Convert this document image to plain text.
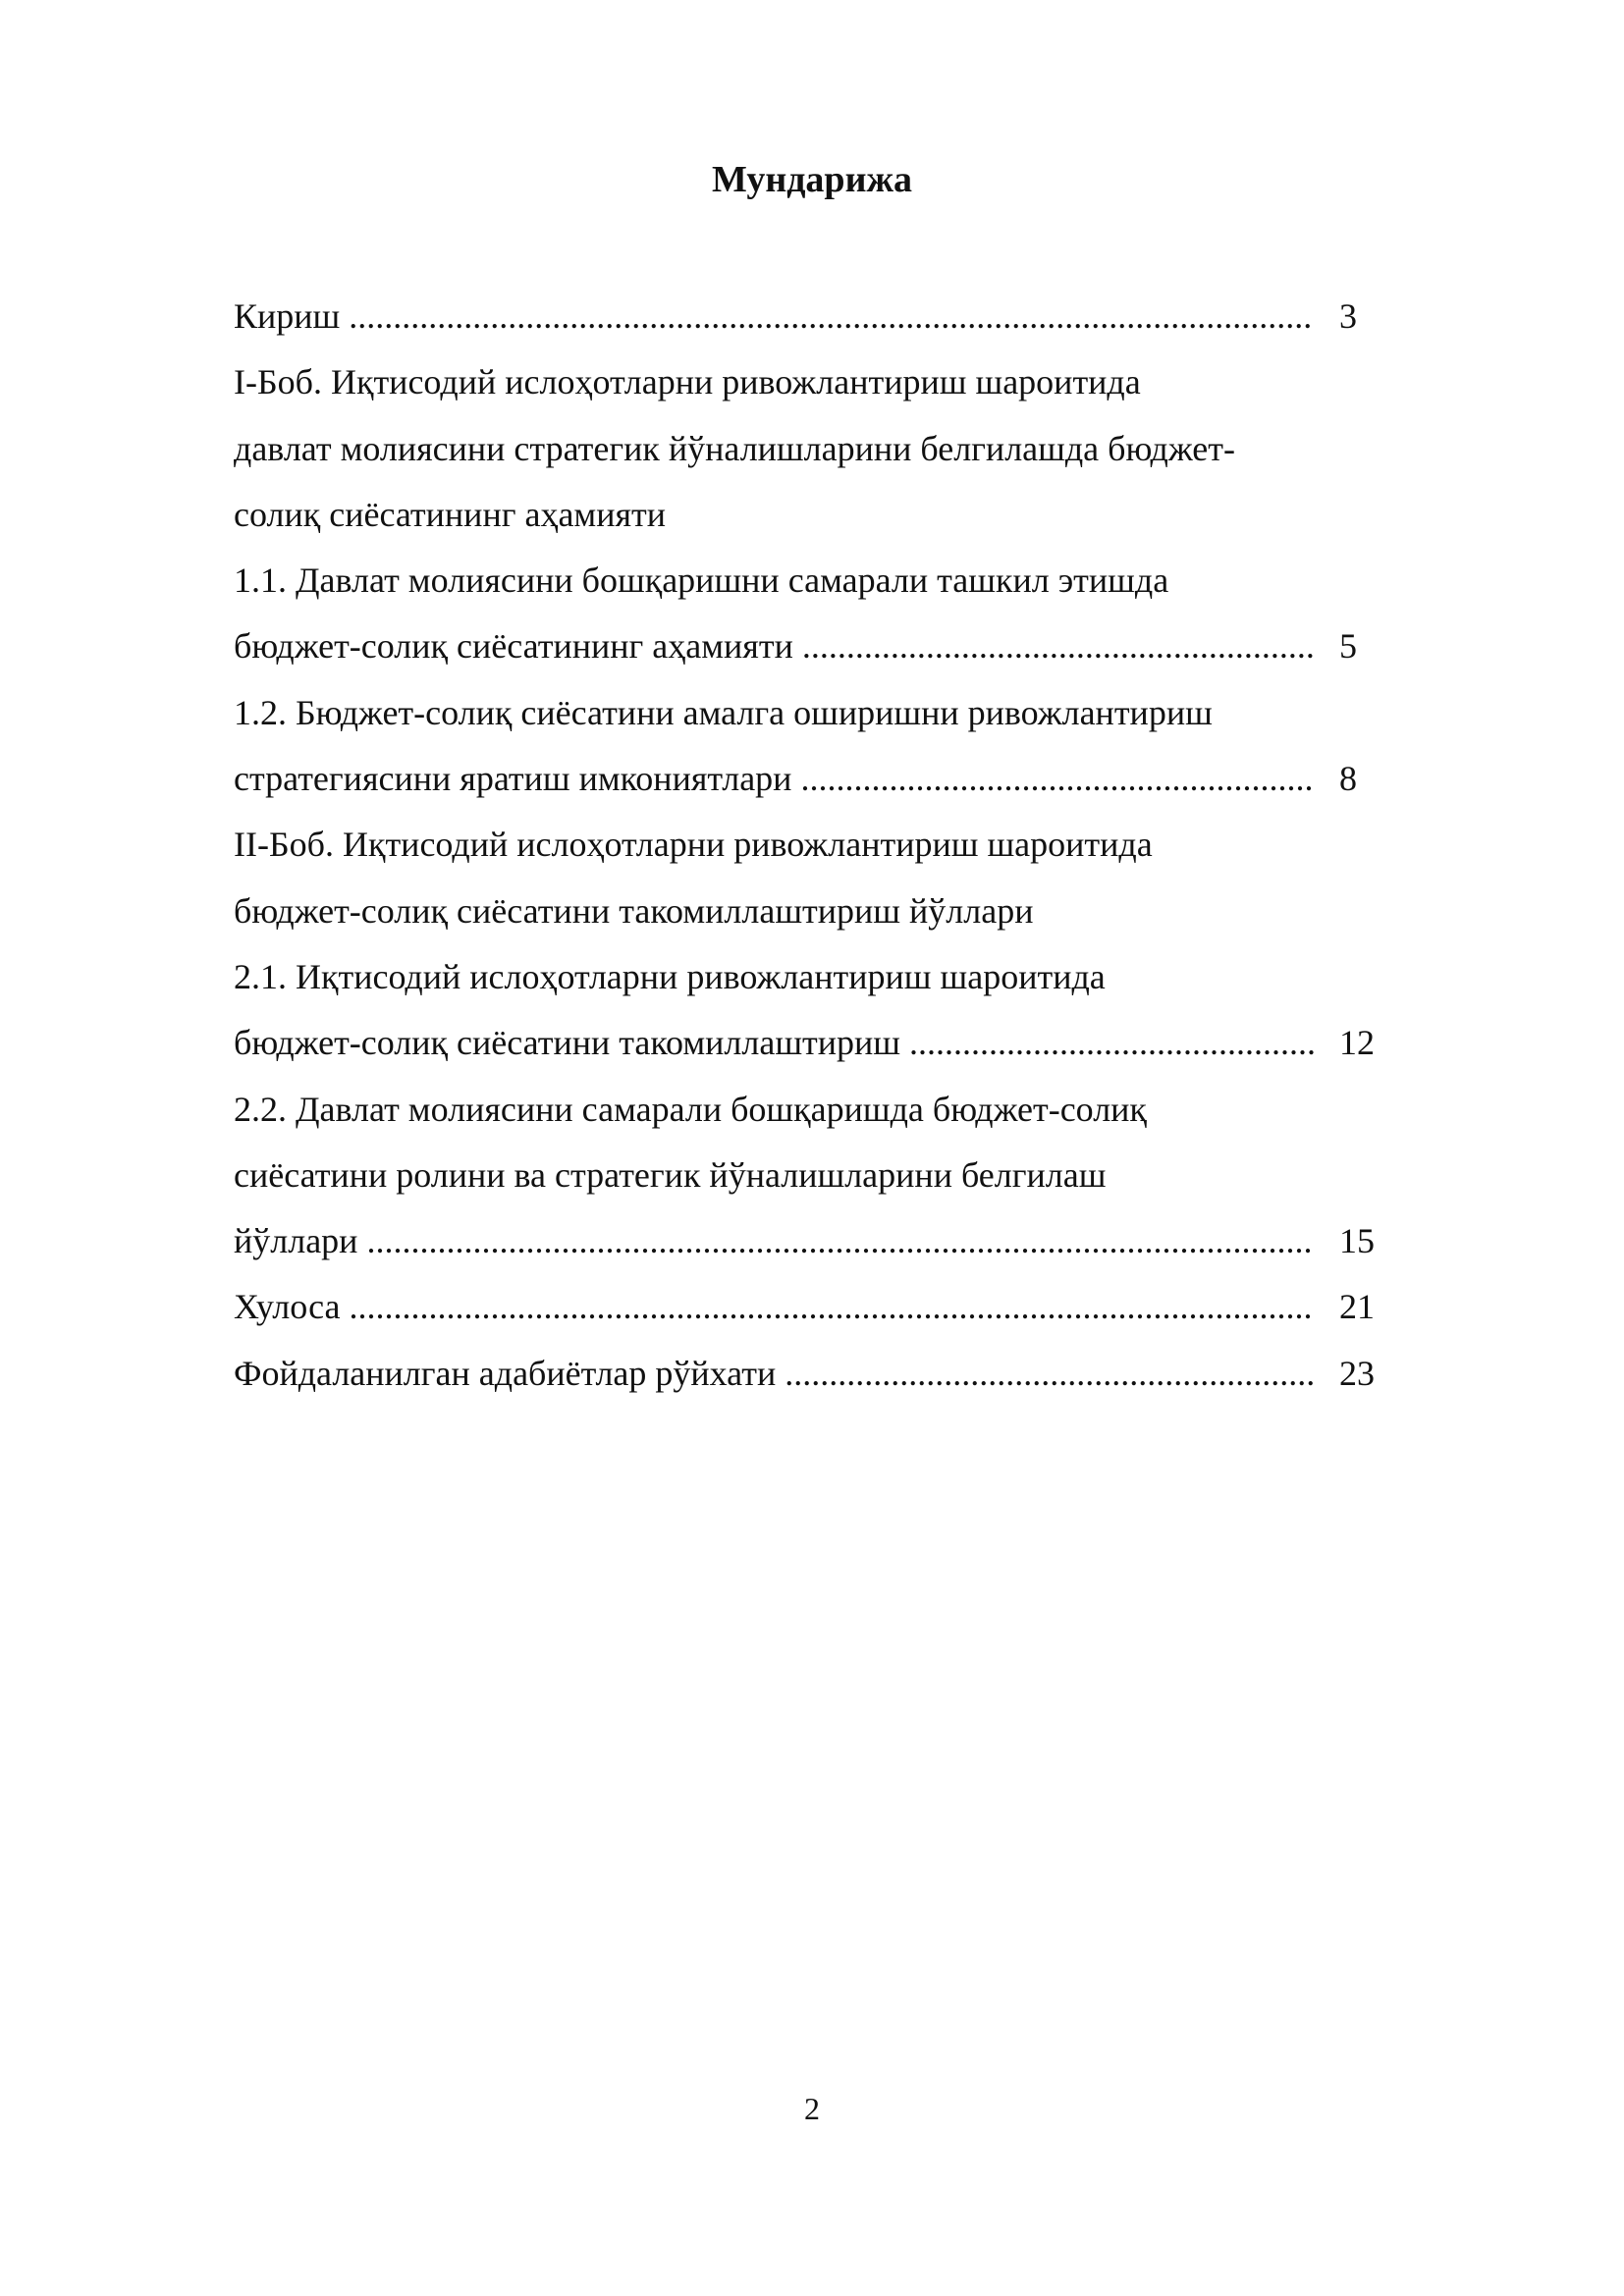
Мундарижа
Кириш .....	3
I-Боб. Иқтисодий ислоҳотларни ривожлантириш шароитида
давлат молиясини стратегик йўналишларини белгилашда бюджет-
солиқ сиёсатининг аҳамияти
1.1. Давлат молиясини бошқаришни самарали ташкил этишда
бюджет-солиқ сиёсатининг аҳамияти .....	5
1.2. Бюджет-солиқ сиёсатини амалга оширишни ривожлантириш
стратегиясини яратиш имкониятлари .....	8
II-Боб. Иқтисодий ислоҳотларни ривожлантириш шароитида
бюджет-солиқ сиёсатини такомиллаштириш йўллари
2.1. Иқтисодий ислоҳотларни ривожлантириш шароитида
бюджет-солиқ сиёсатини такомиллаштириш .....	12
2.2. Давлат молиясини самарали бошқаришда бюджет-солиқ
сиёсатини ролини ва стратегик йўналишларини белгилаш
йўллари .....	15
Хулоса .....	21
Фойдаланилган адабиётлар рўйхати .....	23
2
